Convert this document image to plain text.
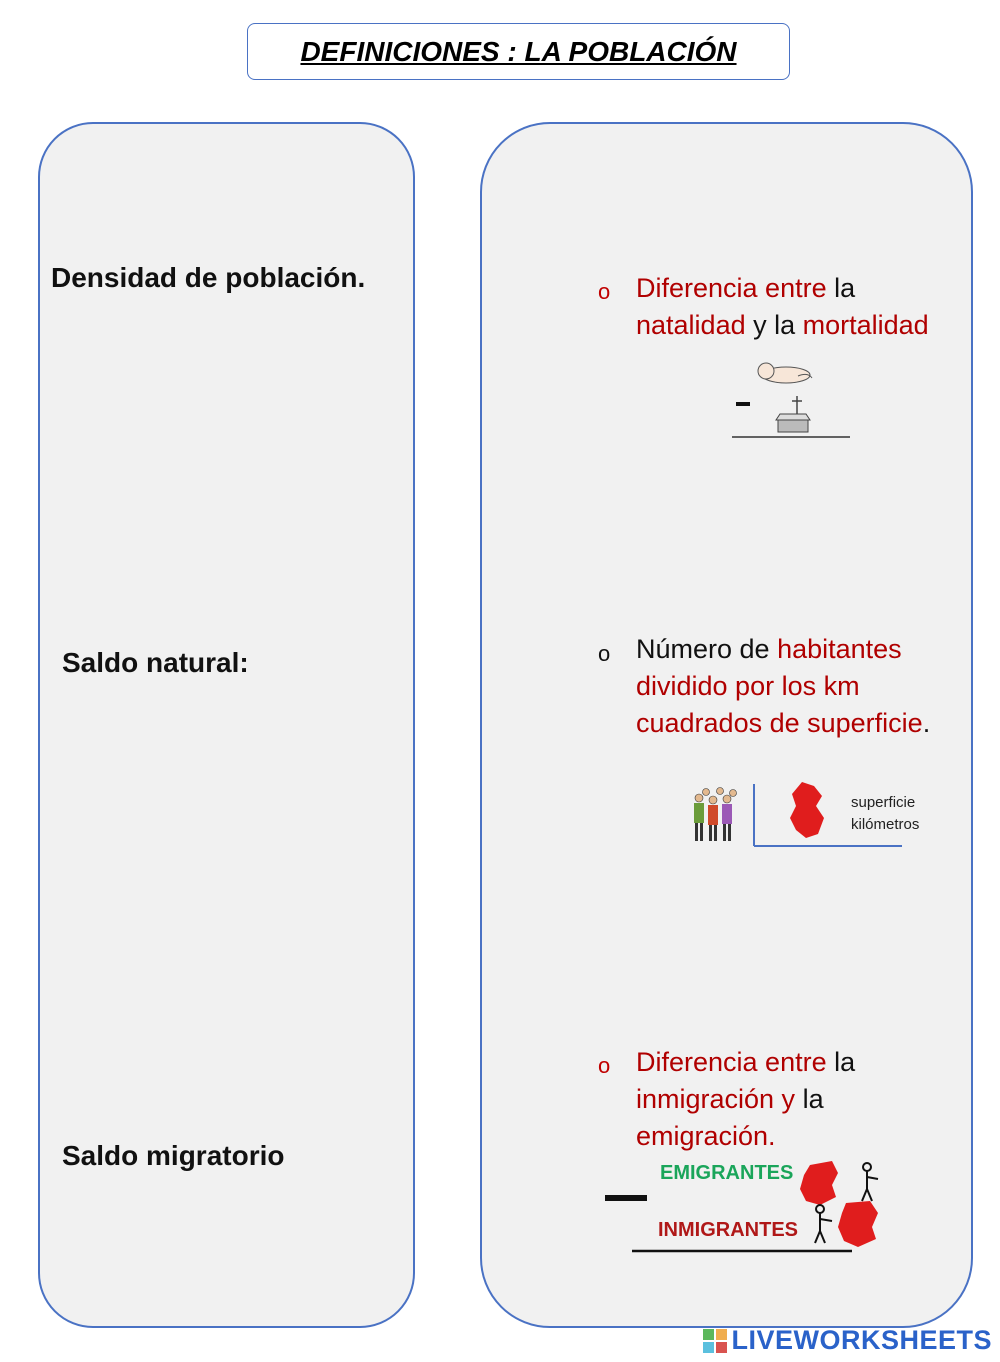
DEFINICIONES : LA POBLACIÓN
Densidad de población.
Saldo natural:
Saldo migratorio
o Diferencia entre la
natalidad y la mortalidad
o Número de habitantes
dividido por los km
cuadrados de superficie.
superficie
kilómetros
o Diferencia entre la
inmigración y la
emigración.
EMIGRANTES
INMIGRANTES
LIVEWORKSHEETS
